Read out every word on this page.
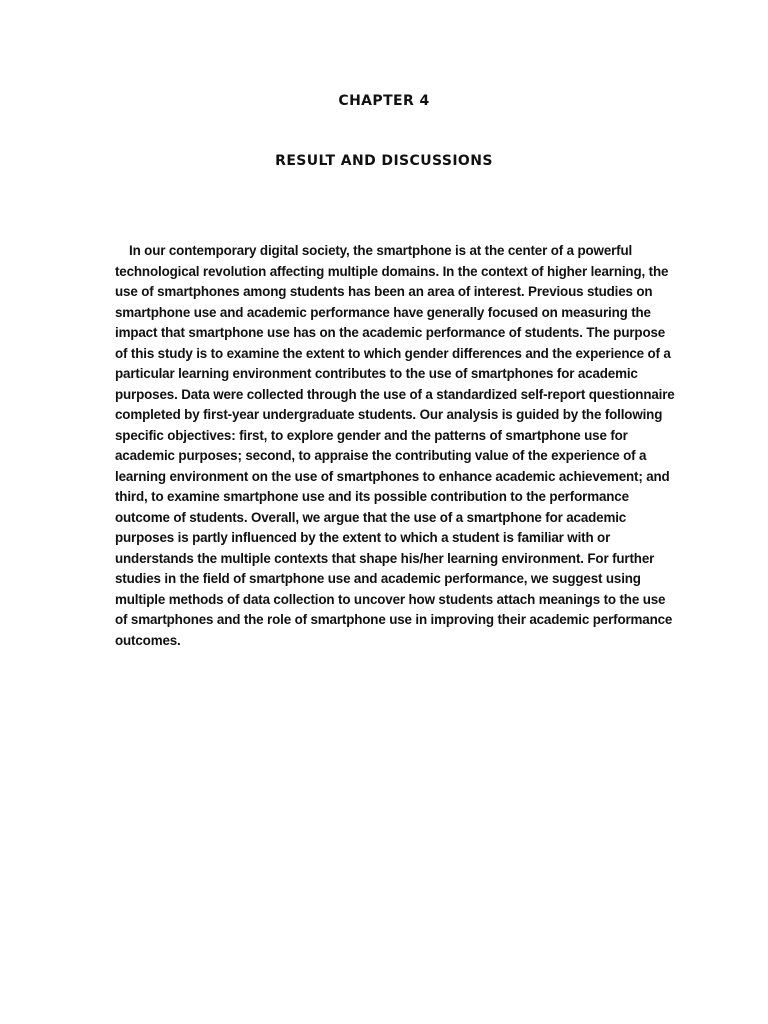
CHAPTER 4
RESULT AND DISCUSSIONS

In our contemporary digital society, the smartphone is at the center of a powerful technological revolution affecting multiple domains. In the context of higher learning, the use of smartphones among students has been an area of interest. Previous studies on smartphone use and academic performance have generally focused on measuring the impact that smartphone use has on the academic performance of students. The purpose of this study is to examine the extent to which gender differences and the experience of a particular learning environment contributes to the use of smartphones for academic purposes. Data were collected through the use of a standardized self-report questionnaire completed by first-year undergraduate students. Our analysis is guided by the following specific objectives: first, to explore gender and the patterns of smartphone use for academic purposes; second, to appraise the contributing value of the experience of a learning environment on the use of smartphones to enhance academic achievement; and third, to examine smartphone use and its possible contribution to the performance outcome of students. Overall, we argue that the use of a smartphone for academic purposes is partly influenced by the extent to which a student is familiar with or understands the multiple contexts that shape his/her learning environment. For further studies in the field of smartphone use and academic performance, we suggest using multiple methods of data collection to uncover how students attach meanings to the use of smartphones and the role of smartphone use in improving their academic performance outcomes.
